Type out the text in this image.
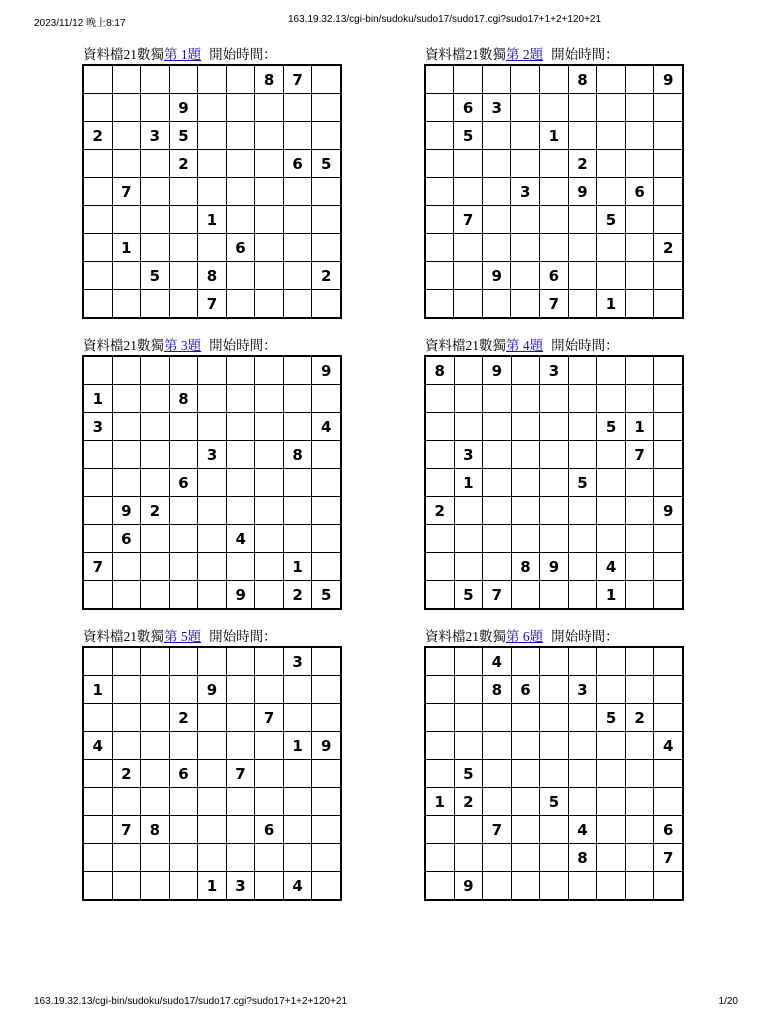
2023/11/12 晚上8:17	163.19.32.13/cgi-bin/sudoku/sudo17/sudo17.cgi?sudo17+1+2+120+21
資料檔21數獨第 1題 開始時間：
						8	7	
			9					
2		3	5					
			2				6	5
	7							
				1				
	1				6			
		5		8				2
				7				
資料檔21數獨第 2題 開始時間：
					8			9
	6	3						
	5			1				
					2			
			3		9		6	
	7					5		
								2
		9		6				
				7		1		
資料檔21數獨第 3題 開始時間：
								9
1			8					
3								4
				3			8	
			6					
	9	2						
	6				4			
7							1	
					9		2	5
資料檔21數獨第 4題 開始時間：
8		9		3				

						5	1	
	3						7	
	1				5			
2								9

			8	9		4		
	5	7				1		
資料檔21數獨第 5題 開始時間：
							3	
1				9				
			2			7		
4							1	9
	2		6		7			

	7	8				6		

				1	3		4	
資料檔21數獨第 6題 開始時間：
		4						
		8	6		3			
						5	2	
								4
	5							
1	2			5				
		7			4			6
					8			7
	9							
163.19.32.13/cgi-bin/sudoku/sudo17/sudo17.cgi?sudo17+1+2+120+21	1/20
